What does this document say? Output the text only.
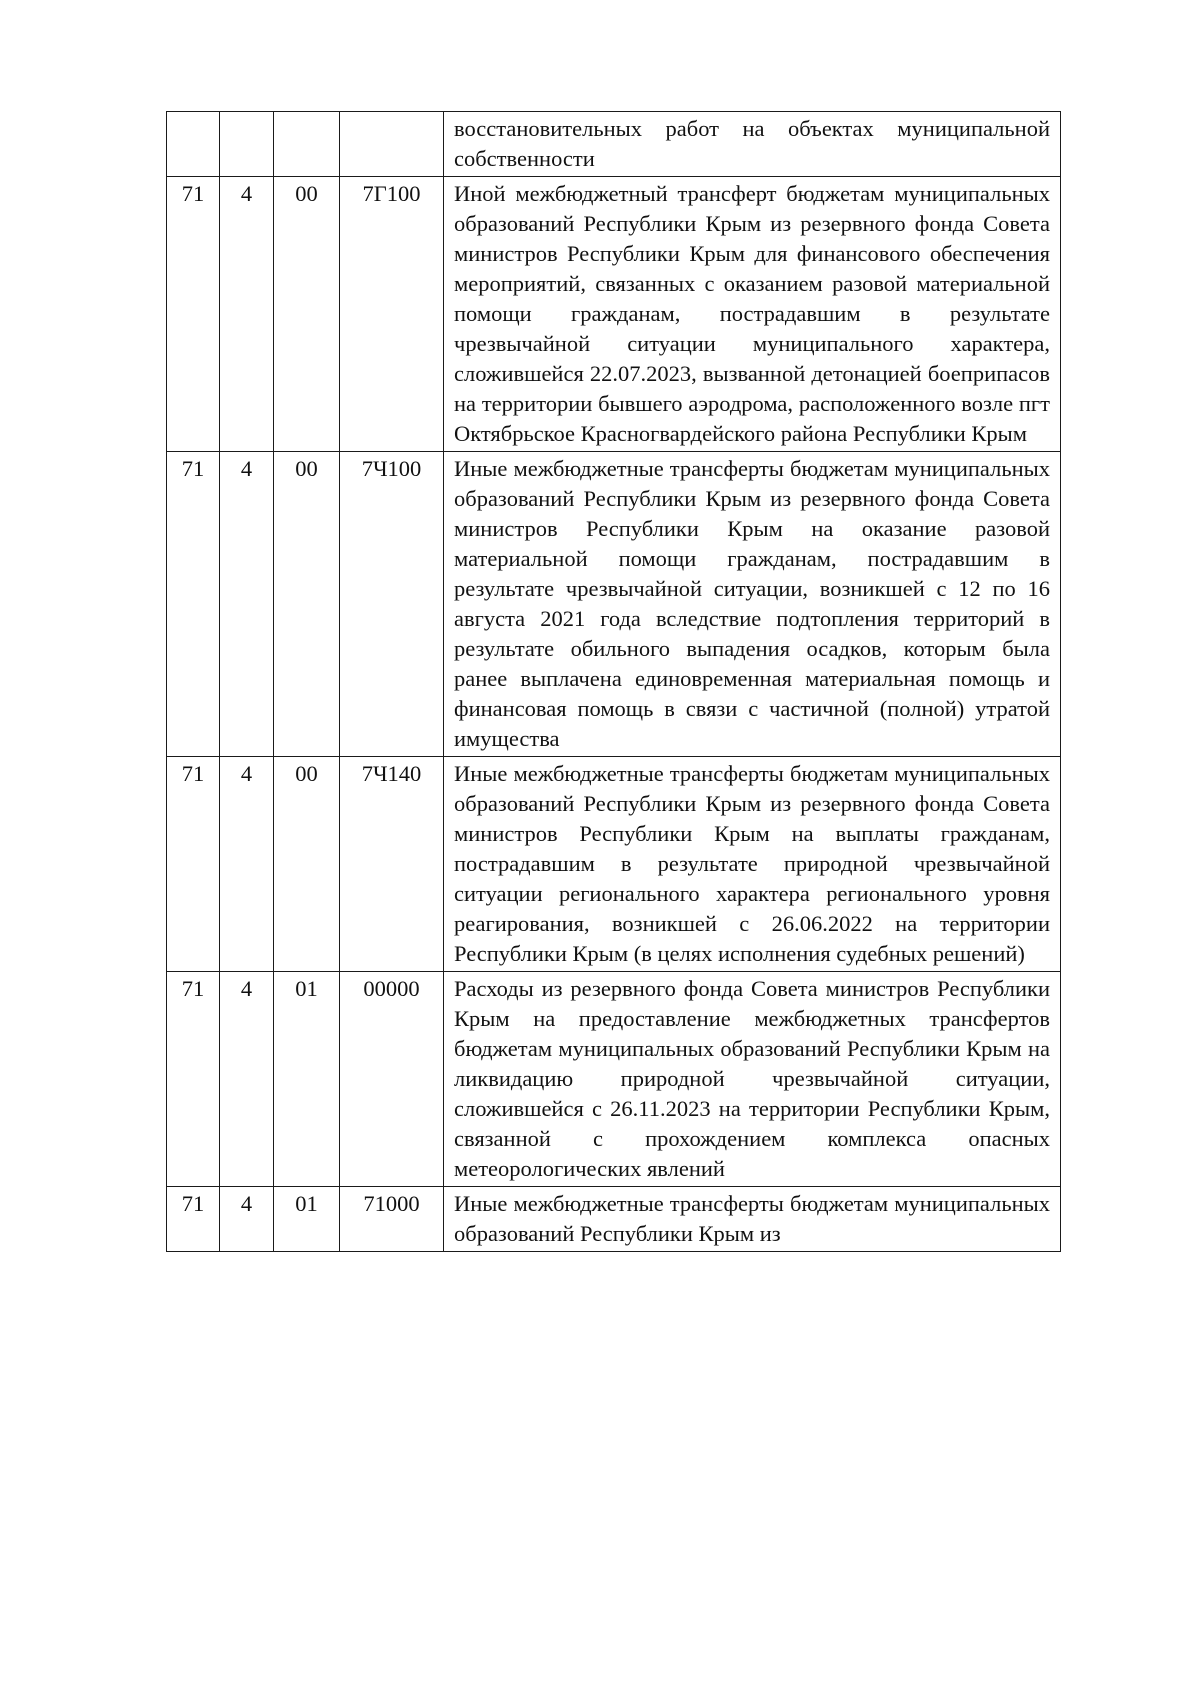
				восстановительных работ на объектах муниципальной собственности
71	4	00	7Г100	Иной межбюджетный трансферт бюджетам муниципальных образований Республики Крым из резервного фонда Совета министров Республики Крым для финансового обеспечения мероприятий, связанных с оказанием разовой материальной помощи гражданам, пострадавшим в результате чрезвычайной ситуации муниципального характера, сложившейся 22.07.2023, вызванной детонацией боеприпасов на территории бывшего аэродрома, расположенного возле пгт Октябрьское Красногвардейского района Республики Крым
71	4	00	7Ч100	Иные межбюджетные трансферты бюджетам муниципальных образований Республики Крым из резервного фонда Совета министров Республики Крым на оказание разовой материальной помощи гражданам, пострадавшим в результате чрезвычайной ситуации, возникшей с 12 по 16 августа 2021 года вследствие подтопления территорий в результате обильного выпадения осадков, которым была ранее выплачена единовременная материальная помощь и финансовая помощь в связи с частичной (полной) утратой имущества
71	4	00	7Ч140	Иные межбюджетные трансферты бюджетам муниципальных образований Республики Крым из резервного фонда Совета министров Республики Крым на выплаты гражданам, пострадавшим в результате природной чрезвычайной ситуации регионального характера регионального уровня реагирования, возникшей с 26.06.2022 на территории Республики Крым (в целях исполнения судебных решений)
71	4	01	00000	Расходы из резервного фонда Совета министров Республики Крым на предоставление межбюджетных трансфертов бюджетам муниципальных образований Республики Крым на ликвидацию природной чрезвычайной ситуации, сложившейся с 26.11.2023 на территории Республики Крым, связанной с прохождением комплекса опасных метеорологических явлений
71	4	01	71000	Иные межбюджетные трансферты бюджетам муниципальных образований Республики Крым из
